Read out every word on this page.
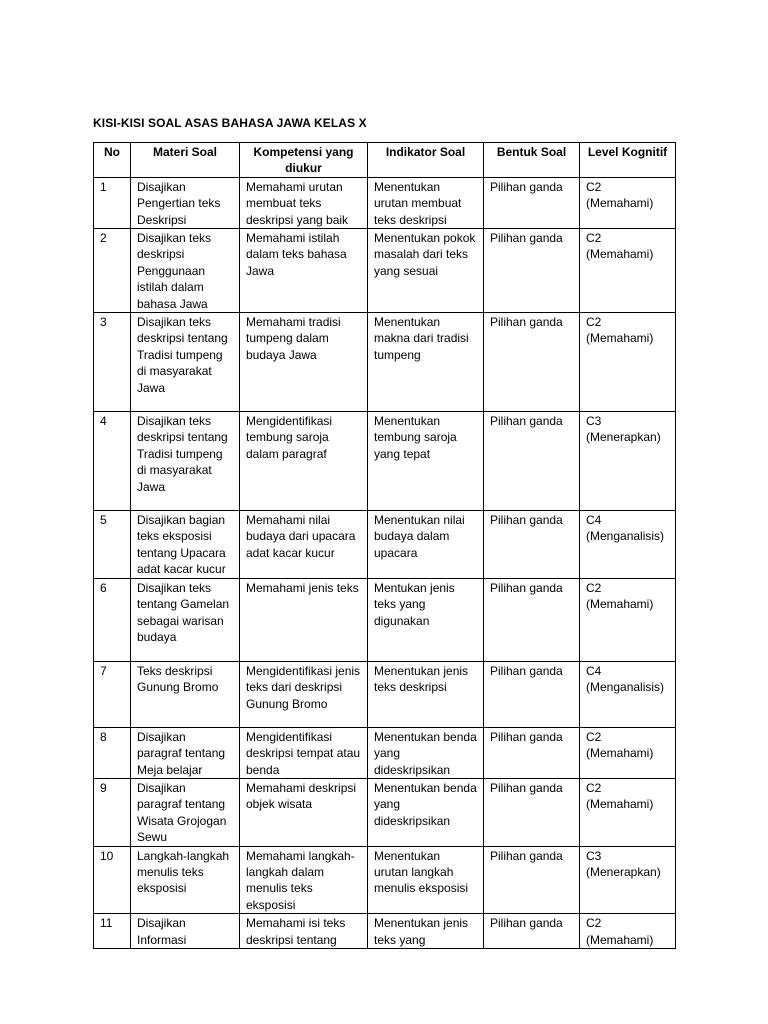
KISI-KISI SOAL ASAS BAHASA JAWA KELAS X
No	Materi Soal	Kompetensi yang diukur	Indikator Soal	Bentuk Soal	Level Kognitif
1	Disajikan Pengertian teks Deskripsi	Memahami urutan membuat teks deskripsi yang baik	Menentukan urutan membuat teks deskripsi	Pilihan ganda	C2 (Memahami)
2	Disajikan teks deskripsi Penggunaan istilah dalam bahasa Jawa	Memahami istilah dalam teks bahasa Jawa	Menentukan pokok masalah dari teks yang sesuai	Pilihan ganda	C2 (Memahami)
3	Disajikan teks deskripsi tentang Tradisi tumpeng di masyarakat Jawa	Memahami tradisi tumpeng dalam budaya Jawa	Menentukan makna dari tradisi tumpeng	Pilihan ganda	C2 (Memahami)
4	Disajikan teks deskripsi tentang Tradisi tumpeng di masyarakat Jawa	Mengidentifikasi tembung saroja dalam paragraf	Menentukan tembung saroja yang tepat	Pilihan ganda	C3 (Menerapkan)
5	Disajikan bagian teks eksposisi tentang Upacara adat kacar kucur	Memahami nilai budaya dari upacara adat kacar kucur	Menentukan nilai budaya dalam upacara	Pilihan ganda	C4 (Menganalisis)
6	Disajikan teks tentang Gamelan sebagai warisan budaya	Memahami jenis teks	Mentukan jenis teks yang digunakan	Pilihan ganda	C2 (Memahami)
7	Teks deskripsi Gunung Bromo	Mengidentifikasi jenis teks dari deskripsi Gunung Bromo	Menentukan jenis teks deskripsi	Pilihan ganda	C4 (Menganalisis)
8	Disajikan paragraf tentang Meja belajar	Mengidentifikasi deskripsi tempat atau benda	Menentukan benda yang dideskripsikan	Pilihan ganda	C2 (Memahami)
9	Disajikan paragraf tentang Wisata Grojogan Sewu	Memahami deskripsi objek wisata	Menentukan benda yang dideskripsikan	Pilihan ganda	C2 (Memahami)
10	Langkah-langkah menulis teks eksposisi	Memahami langkah-langkah dalam menulis teks eksposisi	Menentukan urutan langkah menulis eksposisi	Pilihan ganda	C3 (Menerapkan)
11	Disajikan Informasi	Memahami isi teks deskripsi tentang	Menentukan jenis teks yang	Pilihan ganda	C2 (Memahami)
